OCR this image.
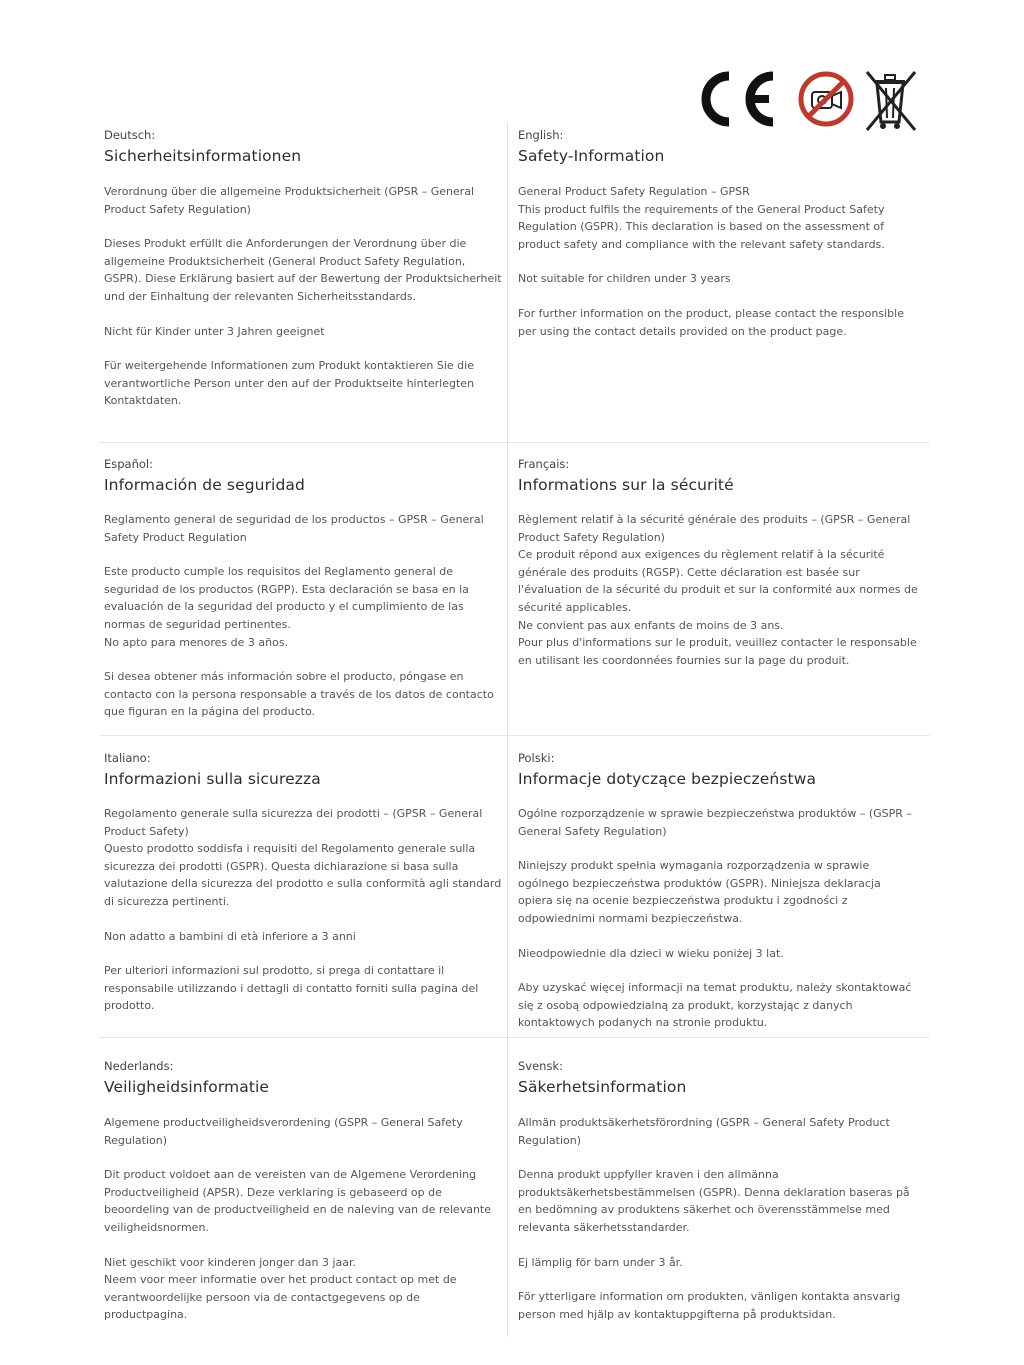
Deutsch:

Sicherheitsinformationen

Verordnung über die allgemeine Produktsicherheit (GPSR – General Product Safety Regulation)

Dieses Produkt erfüllt die Anforderungen der Verordnung über die allgemeine Produktsicherheit (General Product Safety Regulation, GSPR). Diese Erklärung basiert auf der Bewertung der Produktsicherheit und der Einhaltung der relevanten Sicherheitsstandards.

Nicht für Kinder unter 3 Jahren geeignet

Für weitergehende Informationen zum Produkt kontaktieren Sie die verantwortliche Person unter den auf der Produktseite hinterlegten Kontaktdaten.

English:

Safety-Information

General Product Safety Regulation – GPSR

This product fulfils the requirements of the General Product Safety Regulation (GSPR). This declaration is based on the assessment of product safety and compliance with the relevant safety standards.

Not suitable for children under 3 years

For further information on the product, please contact the responsible per using the contact details provided on the product page.

Español:

Información de seguridad

Reglamento general de seguridad de los productos – GPSR – General Safety Product Regulation

Este producto cumple los requisitos del Reglamento general de seguridad de los productos (RGPP). Esta declaración se basa en la evaluación de la seguridad del producto y el cumplimiento de las normas de seguridad pertinentes.

No apto para menores de 3 años.

Si desea obtener más información sobre el producto, póngase en contacto con la persona responsable a través de los datos de contacto que figuran en la página del producto.

Français:

Informations sur la sécurité

Règlement relatif à la sécurité générale des produits – (GPSR – General Product Safety Regulation)

Ce produit répond aux exigences du règlement relatif à la sécurité générale des produits (RGSP). Cette déclaration est basée sur l'évaluation de la sécurité du produit et sur la conformité aux normes de sécurité applicables.

Ne convient pas aux enfants de moins de 3 ans.

Pour plus d'informations sur le produit, veuillez contacter le responsable en utilisant les coordonnées fournies sur la page du produit.

Italiano:

Informazioni sulla sicurezza

Regolamento generale sulla sicurezza dei prodotti – (GPSR – General Product Safety)

Questo prodotto soddisfa i requisiti del Regolamento generale sulla sicurezza dei prodotti (GSPR). Questa dichiarazione si basa sulla valutazione della sicurezza del prodotto e sulla conformità agli standard di sicurezza pertinenti.

Non adatto a bambini di età inferiore a 3 anni

Per ulteriori informazioni sul prodotto, si prega di contattare il responsabile utilizzando i dettagli di contatto forniti sulla pagina del prodotto.

Polski:

Informacje dotyczące bezpieczeństwa

Ogólne rozporządzenie w sprawie bezpieczeństwa produktów – (GSPR – General Safety Regulation)

Niniejszy produkt spełnia wymagania rozporządzenia w sprawie ogólnego bezpieczeństwa produktów (GSPR). Niniejsza deklaracja opiera się na ocenie bezpieczeństwa produktu i zgodności z odpowiednimi normami bezpieczeństwa.

Nieodpowiednie dla dzieci w wieku poniżej 3 lat.

Aby uzyskać więcej informacji na temat produktu, należy skontaktować się z osobą odpowiedzialną za produkt, korzystając z danych kontaktowych podanych na stronie produktu.

Nederlands:

Veiligheidsinformatie

Algemene productveiligheidsverordening (GSPR – General Safety Regulation)

Dit product voldoet aan de vereisten van de Algemene Verordening Productveiligheid (APSR). Deze verklaring is gebaseerd op de beoordeling van de productveiligheid en de naleving van de relevante veiligheidsnormen.

Niet geschikt voor kinderen jonger dan 3 jaar.

Neem voor meer informatie over het product contact op met de verantwoordelijke persoon via de contactgegevens op de productpagina.

Svensk:

Säkerhetsinformation

Allmän produktsäkerhetsförordning (GSPR – General Safety Product Regulation)

Denna produkt uppfyller kraven i den allmänna produktsäkerhetsbestämmelsen (GSPR). Denna deklaration baseras på en bedömning av produktens säkerhet och överensstämmelse med relevanta säkerhetsstandarder.

Ej lämplig för barn under 3 år.

För ytterligare information om produkten, vänligen kontakta ansvarig person med hjälp av kontaktuppgifterna på produktsidan.
